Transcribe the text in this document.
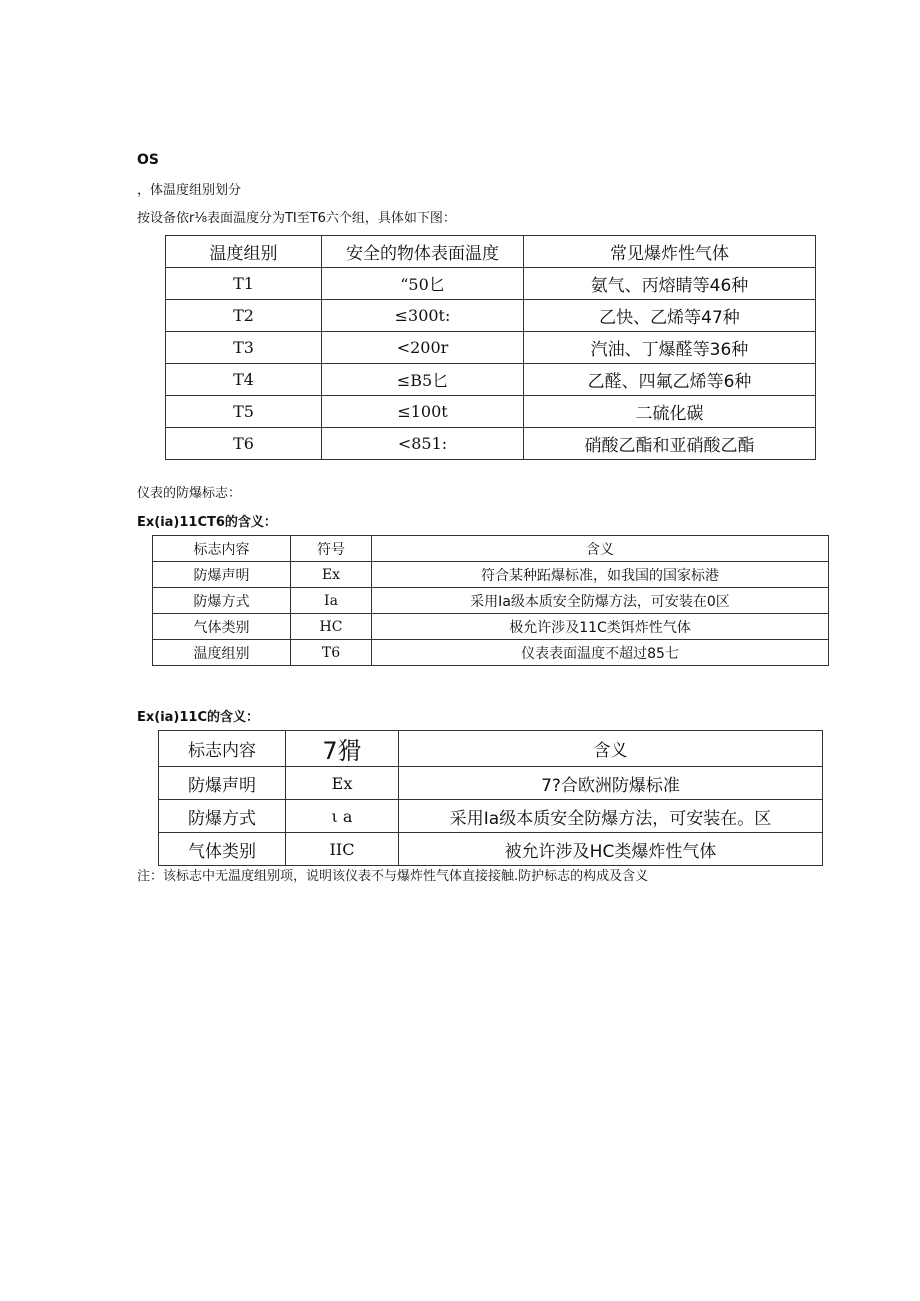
OS
，体温度组别划分
按设备依r⅛表面温度分为TI至T6六个组，具体如下图：
温度组别	安全的物体表面温度	常见爆炸性气体
T1	“50匕	氨气、丙熔睛等46种
T2	≤300t:	乙快、乙烯等47种
T3	<200r	汽油、丁爆醛等36种
T4	≤B5匕	乙醛、四氟乙烯等6种
T5	≤100t	二硫化碳
T6	<851:	硝酸乙酯和亚硝酸乙酯
仪表的防爆标志：
Ex(ia)11CT6的含义：
标志内容	符号	含义
防爆声明	Ex	符合某种跖爆标准，如我国的国家标港
防爆方式	Ia	采用Ia级本质安全防爆方法，可安装在0区
气体类别	HC	极允许涉及11C类饵炸性气体
温度组别	T6	仪表表面温度不超过85七
Ex(ia)11C的含义：
标志内容	7猾	含义
防爆声明	Ex	7?合欧洲防爆标准
防爆方式	ι a	采用Ia级本质安全防爆方法，可安装在。区
气体类别	IIC	被允许涉及HC类爆炸性气体
注：该标志中无温度组别项，说明该仪表不与爆炸性气体直接接触.防护标志的构成及含义
